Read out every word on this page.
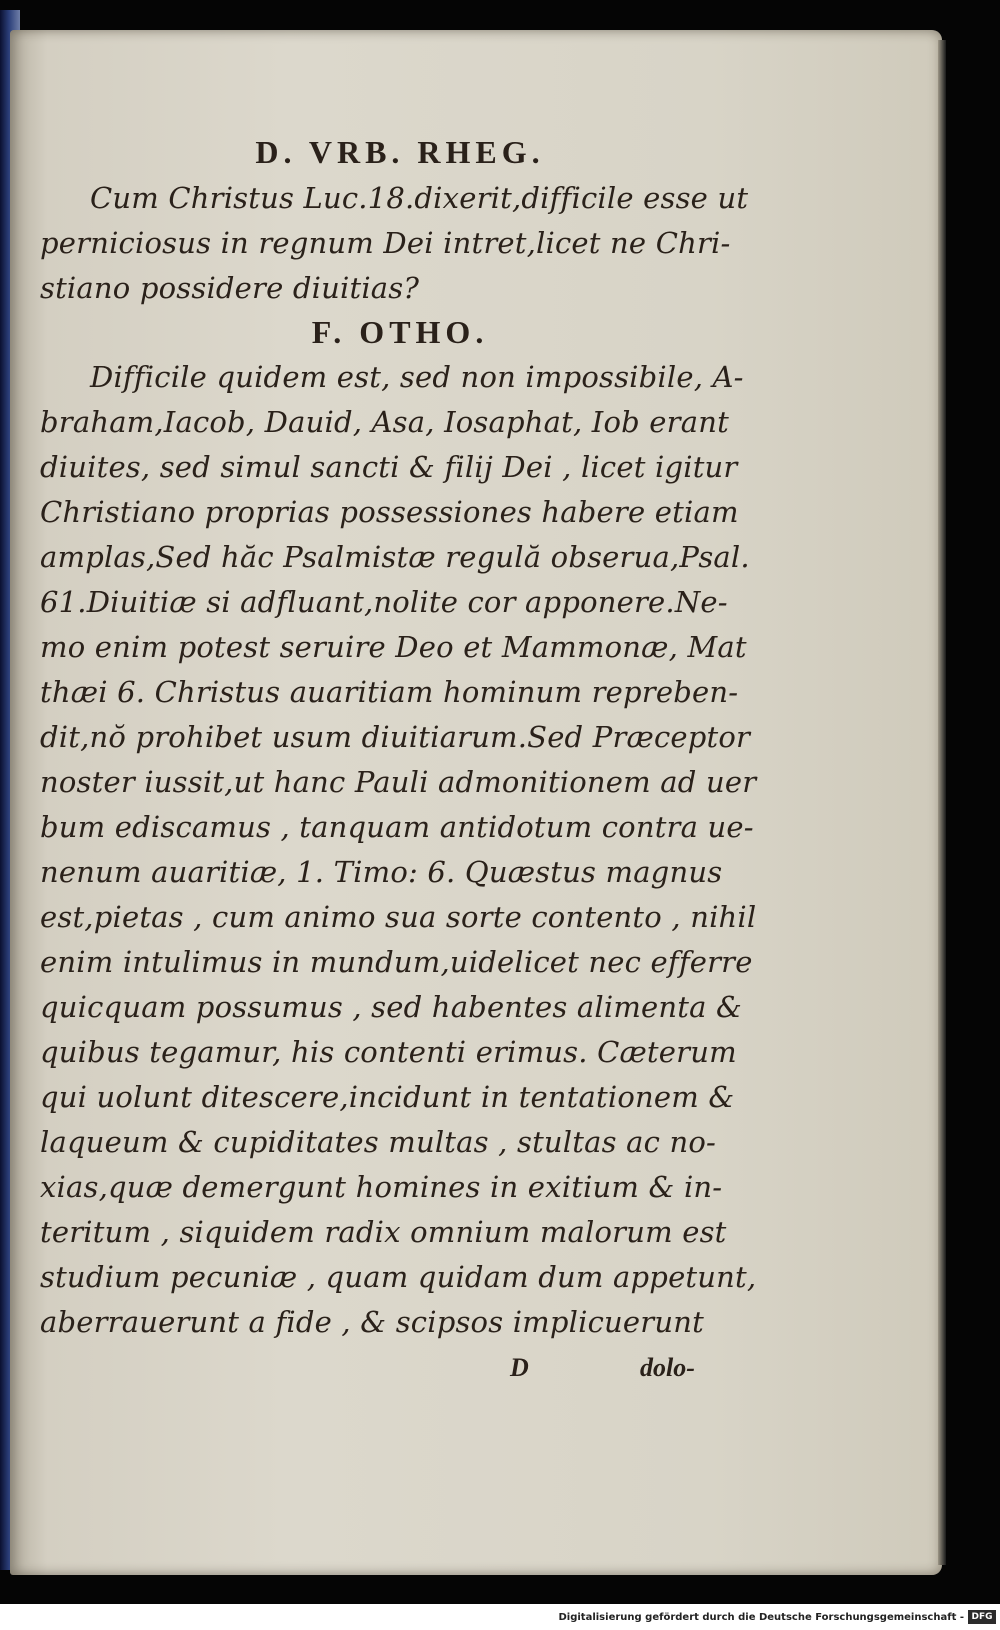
D. VRB. RHEG.
Cum Christus Luc.18.dixerit,difficile esse ut
perniciosus in regnum Dei intret,licet ne Chri-
stiano possidere diuitias?
F. OTHO.
Difficile quidem est, sed non impossibile, A-
braham,Iacob, Dauid, Asa, Iosaphat, Iob erant
diuites, sed simul sancti & filij Dei , licet igitur
Christiano proprias possessiones habere etiam
amplas,Sed hăc Psalmistæ regulă obserua,Psal.
61.Diuitiæ si adfluant,nolite cor apponere.Ne-
mo enim potest seruire Deo et Mammonæ, Mat
thæi 6. Christus auaritiam hominum repreben-
dit,nŏ prohibet usum diuitiarum.Sed Præceptor
noster iussit,ut hanc Pauli admonitionem ad uer
bum ediscamus , tanquam antidotum contra ue-
nenum auaritiæ, 1. Timo: 6. Quæstus magnus
est,pietas , cum animo sua sorte contento , nihil
enim intulimus in mundum,uidelicet nec efferre
quicquam possumus , sed habentes alimenta &
quibus tegamur, his contenti erimus. Cæterum
qui uolunt ditescere,incidunt in tentationem &
laqueum & cupiditates multas , stultas ac no-
xias,quæ demergunt homines in exitium & in-
teritum , siquidem radix omnium malorum est
studium pecuniæ , quam quidam dum appetunt,
aberrauerunt a fide , & scipsos implicuerunt
D	dolo-
Digitalisierung gefördert durch die Deutsche Forschungsgemeinschaft - DFG
